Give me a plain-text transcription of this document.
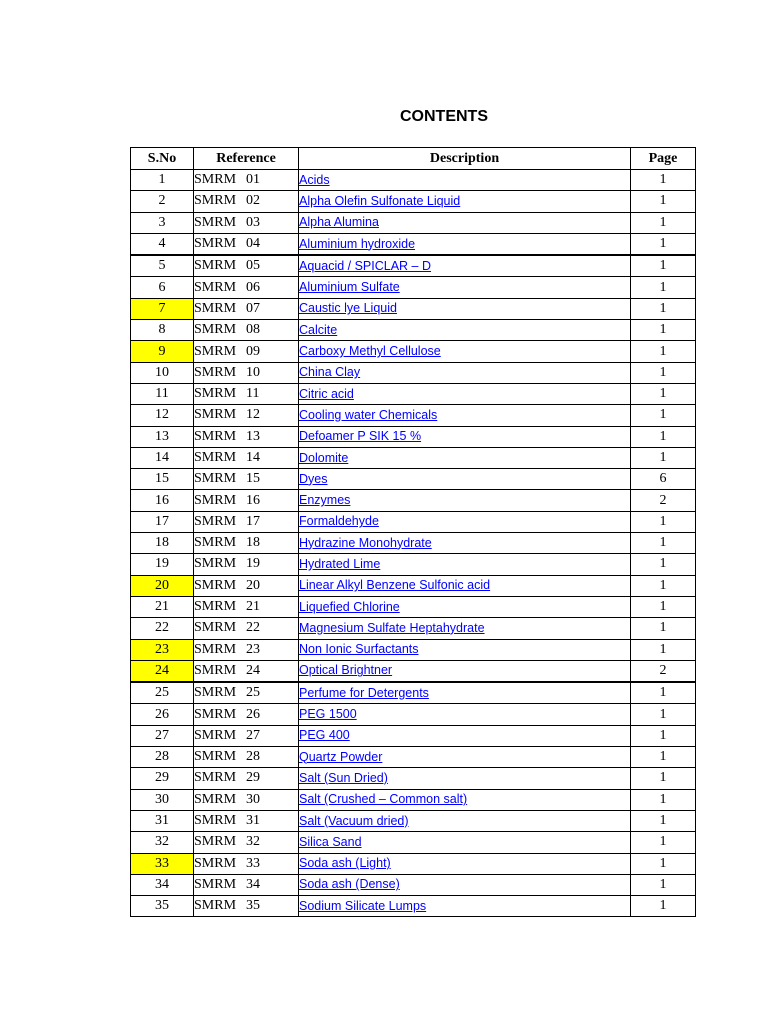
CONTENTS
S.No	Reference	Description	Page
1	SMRM 01	Acids	1
2	SMRM 02	Alpha Olefin Sulfonate Liquid	1
3	SMRM 03	Alpha Alumina	1
4	SMRM 04	Aluminium hydroxide	1
5	SMRM 05	Aquacid / SPICLAR – D	1
6	SMRM 06	Aluminium Sulfate	1
7	SMRM 07	Caustic lye Liquid	1
8	SMRM 08	Calcite	1
9	SMRM 09	Carboxy Methyl Cellulose	1
10	SMRM 10	China Clay	1
11	SMRM 11	Citric acid	1
12	SMRM 12	Cooling water Chemicals	1
13	SMRM 13	Defoamer P SIK 15 %	1
14	SMRM 14	Dolomite	1
15	SMRM 15	Dyes	6
16	SMRM 16	Enzymes	2
17	SMRM 17	Formaldehyde	1
18	SMRM 18	Hydrazine Monohydrate	1
19	SMRM 19	Hydrated Lime	1
20	SMRM 20	Linear Alkyl Benzene Sulfonic acid	1
21	SMRM 21	Liquefied Chlorine	1
22	SMRM 22	Magnesium Sulfate Heptahydrate	1
23	SMRM 23	Non Ionic Surfactants	1
24	SMRM 24	Optical Brightner	2
25	SMRM 25	Perfume for Detergents	1
26	SMRM 26	PEG 1500	1
27	SMRM 27	PEG 400	1
28	SMRM 28	Quartz Powder	1
29	SMRM 29	Salt (Sun Dried)	1
30	SMRM 30	Salt (Crushed – Common salt)	1
31	SMRM 31	Salt (Vacuum dried)	1
32	SMRM 32	Silica Sand	1
33	SMRM 33	Soda ash (Light)	1
34	SMRM 34	Soda ash (Dense)	1
35	SMRM 35	Sodium Silicate Lumps	1
